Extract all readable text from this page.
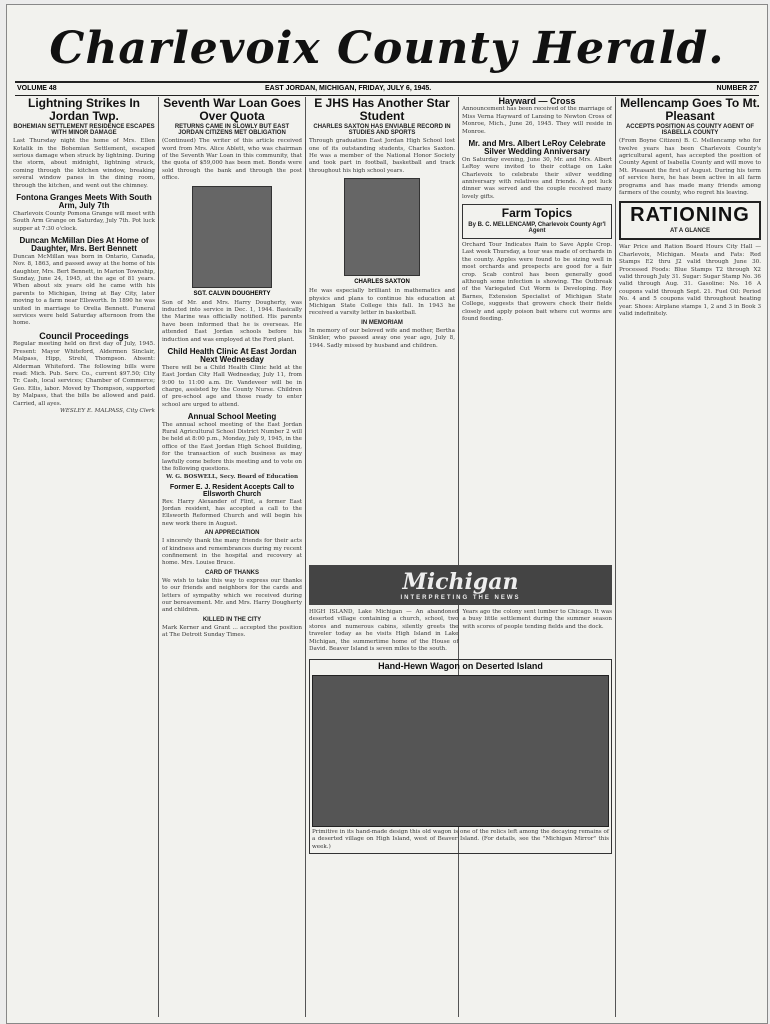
Charlevoix County Herald.
VOLUME 48	EAST JORDAN, MICHIGAN, FRIDAY, JULY 6, 1945.	NUMBER 27
Lightning Strikes In Jordan Twp.
BOHEMIAN SETTLEMENT RESIDENCE ESCAPES WITH MINOR DAMAGE

Last Thursday night the home of Mrs. Ellen Kotalik in the Bohemian Settlement, escaped serious damage when struck by lightning. During the storm, about midnight, lightning struck, coming through the kitchen window, breaking several window panes in the dining room, through the kitchen, and went out the chimney.

Fontona Granges Meets With South Arm, July 7th

Charlevoix County Pomona Grange will meet with South Arm Grange on Saturday, July 7th. Pot luck supper at 7:30 o'clock.

Duncan McMillan Dies At Home of Daughter, Mrs. Bert Bennett

Duncan McMillan was born in Ontario, Canada, Nov. 8, 1863, and passed away at the home of his daughter, Mrs. Bert Bennett, in Marion Township, Sunday, June 24, 1945, at the age of 81 years. When about six years old he came with his parents to Michigan, living at Bay City, later moving to a farm near Ellsworth. In 1890 he was united in marriage to Orelia Bennett. Funeral services were held Saturday afternoon from the home.

Council Proceedings

Regular meeting held on first day of July, 1945. Present: Mayor Whiteford, Aldermen Sinclair, Malpass, Hipp, Strehl, Thompson. Absent: Alderman Whiteford. The following bills were read: Mich. Pub. Serv. Co., current $97.50; City Tr. Cash, local services; Chamber of Commerce; Geo. Ellis, labor. Moved by Thompson, supported by Malpass, that the bills be allowed and paid. Carried, all ayes.

WESLEY E. MALPASS, City Clerk

Seventh War Loan Goes Over Quota
RETURNS CAME IN SLOWLY BUT EAST JORDAN CITIZENS MET OBLIGATION

(Continued) The writer of this article received word from Mrs. Alice Ablett, who was chairman of the Seventh War Loan in this community, that the quota of $59,000 has been met. Bonds were sold through the bank and through the post office.

SGT. CALVIN DOUGHERTY

Son of Mr. and Mrs. Harry Dougherty, was inducted into service in Dec. 1, 1944. Basically the Marine was officially notified. His parents have been informed that he is overseas. He attended East Jordan schools before his induction and was employed at the Ford plant.

Child Health Clinic At East Jordan Next Wednesday

There will be a Child Health Clinic held at the East Jordan City Hall Wednesday, July 11, from 9:00 to 11:00 a.m. Dr. Vandeveer will be in charge, assisted by the County Nurse. Children of pre-school age and those ready to enter school are urged to attend.

Annual School Meeting

The annual school meeting of the East Jordan Rural Agricultural School District Number 2 will be held at 8:00 p.m., Monday, July 9, 1945, in the office of the East Jordan High School Building, for the transaction of such business as may lawfully come before this meeting and to vote on the following questions.

W. G. BOSWELL, Secy. Board of Education

Former E. J. Resident Accepts Call to Ellsworth Church

Rev. Harry Alexander of Flint, a former East Jordan resident, has accepted a call to the Ellsworth Reformed Church and will begin his new work there in August.

AN APPRECIATION

I sincerely thank the many friends for their acts of kindness and remembrances during my recent confinement in the hospital and recovery at home. Mrs. Louise Bruce.

CARD OF THANKS

We wish to take this way to express our thanks to our friends and neighbors for the cards and letters of sympathy which we received during our bereavement. Mr. and Mrs. Harry Dougherty and children.

KILLED IN THE CITY

Mark Kerner and Grant ... accepted the position at The Detroit Sunday Times.

E JHS Has Another Star Student
CHARLES SAXTON HAS ENVIABLE RECORD IN STUDIES AND SPORTS

Through graduation East Jordan High School lost one of its outstanding students, Charles Saxton. He was a member of the National Honor Society and took part in football, basketball and track throughout his high school years.

CHARLES SAXTON

He was especially brilliant in mathematics and physics and plans to continue his education at Michigan State College this fall. In 1943 he received a varsity letter in basketball.

IN MEMORIAM

In memory of our beloved wife and mother, Bertha Sinkler, who passed away one year ago, July 8, 1944. Sadly missed by husband and children.

Hayward — Cross

Announcement has been received of the marriage of Miss Verna Hayward of Lansing to Newton Cross of Monroe, Mich., June 26, 1945. They will reside in Monroe.

Mr. and Mrs. Albert LeRoy Celebrate Silver Wedding Anniversary

On Saturday evening, June 30, Mr. and Mrs. Albert LeRoy were invited to their cottage on Lake Charlevoix to celebrate their silver wedding anniversary with relatives and friends. A pot luck dinner was served and the couple received many lovely gifts.

Farm Topics
By B. C. MELLENCAMP, Charlevoix County Agr'l Agent

Orchard Tour Indicates Rain to Save Apple Crop. Last week Thursday, a tour was made of orchards in the county. Apples were found to be sizing well in most orchards and prospects are good for a fair crop. Scab control has been generally good although some infection is showing. The Outbreak of the Variegated Cut Worm is Developing. Roy Barnes, Extension Specialist of Michigan State College, suggests that growers check their fields closely and apply poison bait where cut worms are found feeding.

Mellencamp Goes To Mt. Pleasant
ACCEPTS POSITION AS COUNTY AGENT OF ISABELLA COUNTY

(From Boyne Citizen) B. C. Mellencamp who for twelve years has been Charlevoix County's agricultural agent, has accepted the position of County Agent of Isabella County and will move to Mt. Pleasant the first of August. During his term of service here, he has been active in all farm programs and has made many friends among farmers of the county, who regret his leaving.

RATIONING
AT A GLANCE

War Price and Ration Board Hours City Hall — Charlevoix, Michigan. Meats and Fats: Red Stamps E2 thru J2 valid through June 30. Processed Foods: Blue Stamps T2 through X2 valid through July 31. Sugar: Sugar Stamp No. 36 valid through Aug. 31. Gasoline: No. 16 A coupons valid through Sept. 21. Fuel Oil: Period No. 4 and 5 coupons valid throughout heating year. Shoes: Airplane stamps 1, 2 and 3 in Book 3 valid indefinitely.

Michigan
INTERPRETING THE NEWS

HIGH ISLAND, Lake Michigan — An abandoned deserted village containing a church, school, two stores and numerous cabins, silently greets the traveler today as he visits High Island in Lake Michigan, the summertime home of the House of David. Beaver Island is seven miles to the south.

Years ago the colony sent lumber to Chicago. It was a busy little settlement during the summer season with scores of people tending fields and the dock.

Hand-Hewn Wagon on Deserted Island

Primitive in its hand-made design this old wagon is one of the relics left among the decaying remains of a deserted village on High Island, west of Beaver Island. (For details, see the "Michigan Mirror" this week.)
